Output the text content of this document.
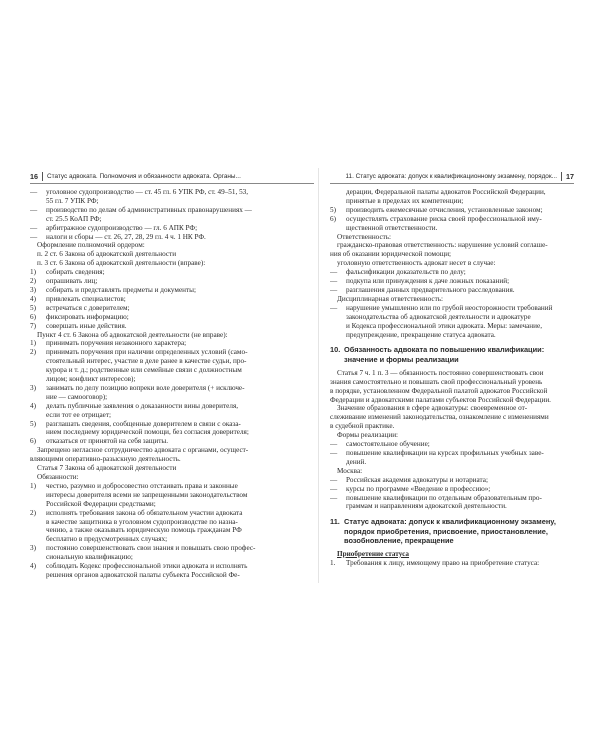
16 Статус адвоката. Полномочия и обязанности адвоката. Органы...
—	уголовное судопроизводство — ст. 45 гл. 6 УПК РФ, ст. 49–51, 53,
55 гл. 7 УПК РФ;
—	производство по делам об административных правонарушениях —
ст. 25.5 КоАП РФ;
—	арбитражное судопроизводство — гл. 6 АПК РФ;
—	налоги и сборы — ст. 26, 27, 28, 29 гл. 4 ч. 1 НК РФ.
Оформление полномочий ордером:
п. 2 ст. 6 Закона об адвокатской деятельности
п. 3 ст. 6 Закона об адвокатской деятельности (вправе):
1)	собирать сведения;
2)	опрашивать лиц;
3)	собирать и представлять предметы и документы;
4)	привлекать специалистов;
5)	встречаться с доверителем;
6)	фиксировать информацию;
7)	совершать иные действия.
Пункт 4 ст. 6 Закона об адвокатской деятельности (не вправе):
1)	принимать поручения незаконного характера;
2)	принимать поручения при наличии определенных условий (само-
стоятельный интерес, участие в деле ранее в качестве судьи, про-
курора и т. д.; родственные или семейные связи с должностным
лицом; конфликт интересов);
3)	занимать по делу позицию вопреки воле доверителя (+ исключе-
ние — самооговор);
4)	делать публичные заявления о доказанности вины доверителя,
если тот ее отрицает;
5)	разглашать сведения, сообщенные доверителем в связи с оказа-
нием последнему юридической помощи, без согласия доверителя;
6)	отказаться от принятой на себя защиты.
Запрещено негласное сотрудничество адвоката с органами, осущест-
вляющими оперативно-разыскную деятельность.
Статья 7 Закона об адвокатской деятельности
Обязанности:
1)	честно, разумно и добросовестно отстаивать права и законные
интересы доверителя всеми не запрещенными законодательством
Российской Федерации средствами;
2)	исполнять требования закона об обязательном участии адвоката
в качестве защитника в уголовном судопроизводстве по назна-
чению, а также оказывать юридическую помощь гражданам РФ
бесплатно в предусмотренных случаях;
3)	постоянно совершенствовать свои знания и повышать свою профес-
сиональную квалификацию;
4)	соблюдать Кодекс профессиональной этики адвоката и исполнять
решения органов адвокатской палаты субъекта Российской Фе-
11. Статус адвоката: допуск к квалификационному экзамену, порядок... 17
дерации, Федеральной палаты адвокатов Российской Федерации,
принятые в пределах их компетенции;
5)	производить ежемесячные отчисления, установленные законом;
6)	осуществлять страхование риска своей профессиональной иму-
щественной ответственности.
Ответственность:
гражданско-правовая ответственность: нарушение условий соглаше-
ния об оказании юридической помощи;
уголовную ответственность адвокат несет в случае:
—	фальсификации доказательств по делу;
—	подкупа или принуждения к даче ложных показаний;
—	разглашения данных предварительного расследования.
Дисциплинарная ответственность:
—	нарушение умышленно или по грубой неосторожности требований
законодательства об адвокатской деятельности и адвокатуре
и Кодекса профессиональной этики адвоката. Меры: замечание,
предупреждение, прекращение статуса адвоката.
10. Обязанность адвоката по повышению квалификации:
значение и формы реализации
Статья 7 ч. 1 п. 3 — обязанность постоянно совершенствовать свои
знания самостоятельно и повышать свой профессиональный уровень
в порядке, установленном Федеральной палатой адвокатов Российской
Федерации и адвокатскими палатами субъектов Российской Федерации.
Значение образования в сфере адвокатуры: своевременное от-
слеживание изменений законодательства, ознакомление с изменениями
в судебной практике.
Формы реализации:
—	самостоятельное обучение;
—	повышение квалификации на курсах профильных учебных заве-
дений.
Москва:
—	Российская академия адвокатуры и нотариата;
—	курсы по программе «Введение в профессию»;
—	повышение квалификации по отдельным образовательным про-
граммам и направлениям адвокатской деятельности.
11. Статус адвоката: допуск к квалификационному экзамену,
порядок приобретения, присвоение, приостановление,
возобновление, прекращение
Приобретение статуса
1.	Требования к лицу, имеющему право на приобретение статуса:
